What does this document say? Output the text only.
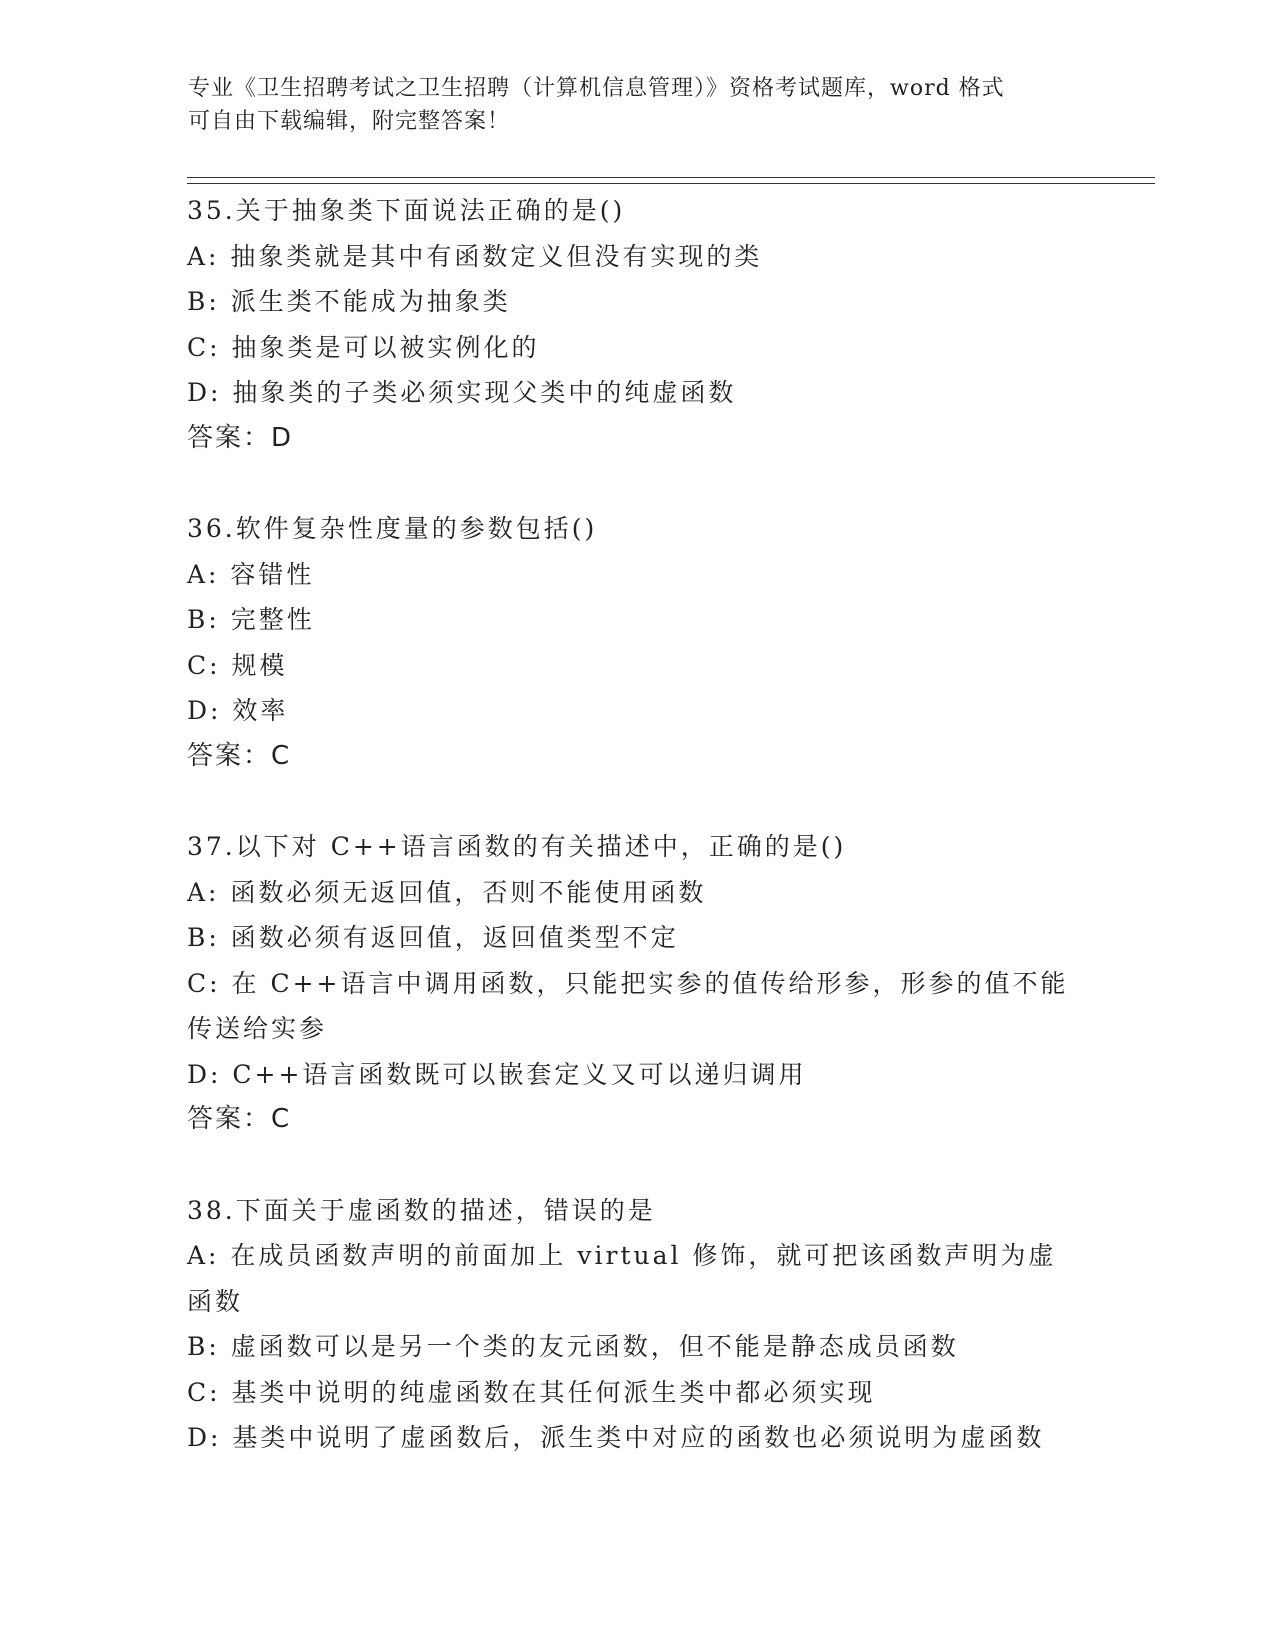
专业《卫生招聘考试之卫生招聘（计算机信息管理）》资格考试题库，word 格式

可自由下载编辑，附完整答案！

35.关于抽象类下面说法正确的是()
A: 抽象类就是其中有函数定义但没有实现的类
B: 派生类不能成为抽象类
C: 抽象类是可以被实例化的
D: 抽象类的子类必须实现父类中的纯虚函数
答案：D
36.软件复杂性度量的参数包括()
A: 容错性
B: 完整性
C: 规模
D: 效率
答案：C
37.以下对 C++语言函数的有关描述中，正确的是()
A: 函数必须无返回值，否则不能使用函数
B: 函数必须有返回值，返回值类型不定
C: 在 C++语言中调用函数，只能把实参的值传给形参，形参的值不能
传送给实参
D: C++语言函数既可以嵌套定义又可以递归调用
答案：C
38.下面关于虚函数的描述，错误的是
A: 在成员函数声明的前面加上 virtual 修饰，就可把该函数声明为虚
函数
B: 虚函数可以是另一个类的友元函数，但不能是静态成员函数
C: 基类中说明的纯虚函数在其任何派生类中都必须实现
D: 基类中说明了虚函数后，派生类中对应的函数也必须说明为虚函数
